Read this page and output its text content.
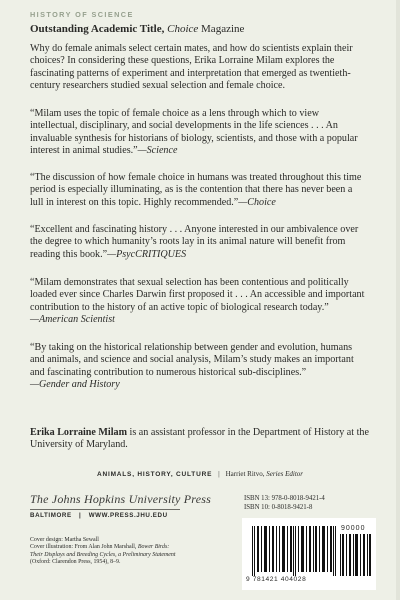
HISTORY OF SCIENCE
Outstanding Academic Title, Choice Magazine

Why do female animals select certain mates, and how do scientists explain their
choices? In considering these questions, Erika Lorraine Milam explores the
fascinating patterns of experiment and interpretation that emerged as twentieth-
century researchers studied sexual selection and female choice.

“Milam uses the topic of female choice as a lens through which to view
intellectual, disciplinary, and social developments in the life sciences . . . An
invaluable synthesis for historians of biology, scientists, and those with a popular
interest in animal studies.”—Science

“The discussion of how female choice in humans was treated throughout this time
period is especially illuminating, as is the contention that there has never been a
lull in interest on this topic. Highly recommended.”—Choice

“Excellent and fascinating history . . . Anyone interested in our ambivalence over
the degree to which humanity’s roots lay in its animal nature will benefit from
reading this book.”—PsycCRITIQUES

“Milam demonstrates that sexual selection has been contentious and politically
loaded ever since Charles Darwin first proposed it . . . An accessible and important
contribution to the history of an active topic of biological research today.”
—American Scientist

“By taking on the historical relationship between gender and evolution, humans
and animals, and science and social analysis, Milam’s study makes an important
and fascinating contribution to numerous historical sub-disciplines.”
—Gender and History

Erika Lorraine Milam is an assistant professor in the Department of History at the
University of Maryland.

ANIMALS, HISTORY, CULTURE | Harriet Ritvo, Series Editor
The Johns Hopkins University Press
BALTIMORE | WWW.PRESS.JHU.EDU
ISBN 13: 978-0-8018-9421-4
ISBN 10: 0-8018-9421-8
9 781421 404028
90000
Cover design: Martha Sewall
Cover illustration: From Alan John Marshall, Bower Birds:
Their Displays and Breeding Cycles, a Preliminary Statement
(Oxford: Clarendon Press, 1954), 8–9.
